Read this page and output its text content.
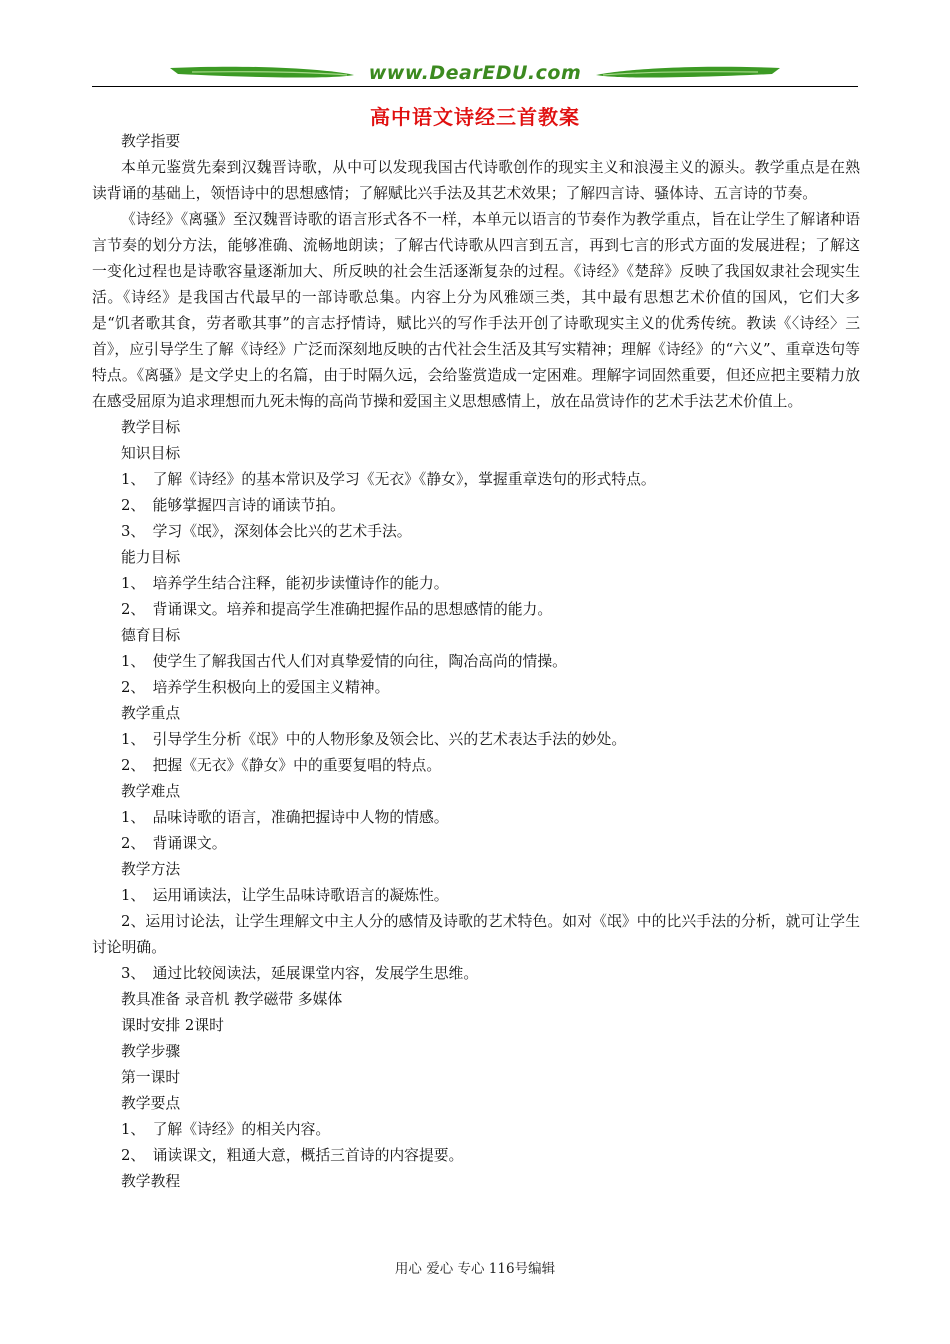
www.DearEDU.com
高中语文诗经三首教案

教学指要

本单元鉴赏先秦到汉魏晋诗歌，从中可以发现我国古代诗歌创作的现实主义和浪漫主义的源头。教学重点是在熟读背诵的基础上，领悟诗中的思想感情；了解赋比兴手法及其艺术效果；了解四言诗、骚体诗、五言诗的节奏。

《诗经》《离骚》至汉魏晋诗歌的语言形式各不一样，本单元以语言的节奏作为教学重点，旨在让学生了解诸种语言节奏的划分方法，能够准确、流畅地朗读；了解古代诗歌从四言到五言，再到七言的形式方面的发展进程；了解这一变化过程也是诗歌容量逐渐加大、所反映的社会生活逐渐复杂的过程。《诗经》《楚辞》反映了我国奴隶社会现实生活。《诗经》是我国古代最早的一部诗歌总集。内容上分为风雅颂三类，其中最有思想艺术价值的国风，它们大多是“饥者歌其食，劳者歌其事”的言志抒情诗，赋比兴的写作手法开创了诗歌现实主义的优秀传统。教读《〈诗经〉三首》，应引导学生了解《诗经》广泛而深刻地反映的古代社会生活及其写实精神；理解《诗经》的“六义”、重章迭句等特点。《离骚》是文学史上的名篇，由于时隔久远，会给鉴赏造成一定困难。理解字词固然重要，但还应把主要精力放在感受屈原为追求理想而九死未悔的高尚节操和爱国主义思想感情上，放在品赏诗作的艺术手法艺术价值上。

教学目标

知识目标

1、　了解《诗经》的基本常识及学习《无衣》《静女》，掌握重章迭句的形式特点。

2、　能够掌握四言诗的诵读节拍。

3、　学习《氓》，深刻体会比兴的艺术手法。

能力目标

1、　培养学生结合注释，能初步读懂诗作的能力。

2、　背诵课文。培养和提高学生准确把握作品的思想感情的能力。

德育目标

1、　使学生了解我国古代人们对真挚爱情的向往，陶冶高尚的情操。

2、　培养学生积极向上的爱国主义精神。

教学重点

1、　引导学生分析《氓》中的人物形象及领会比、兴的艺术表达手法的妙处。

2、　把握《无衣》《静女》中的重要复唱的特点。

教学难点

1、　品味诗歌的语言，准确把握诗中人物的情感。

2、　背诵课文。

教学方法

1、　运用诵读法，让学生品味诗歌语言的凝炼性。

2、运用讨论法，让学生理解文中主人分的感情及诗歌的艺术特色。如对《氓》中的比兴手法的分析，就可让学生讨论明确。

3、　通过比较阅读法，延展课堂内容，发展学生思维。

教具准备 录音机 教学磁带 多媒体

课时安排 2课时

教学步骤

第一课时

教学要点

1、　了解《诗经》的相关内容。

2、　诵读课文，粗通大意，概括三首诗的内容提要。

教学教程

用心 爱心 专心 116号编辑
